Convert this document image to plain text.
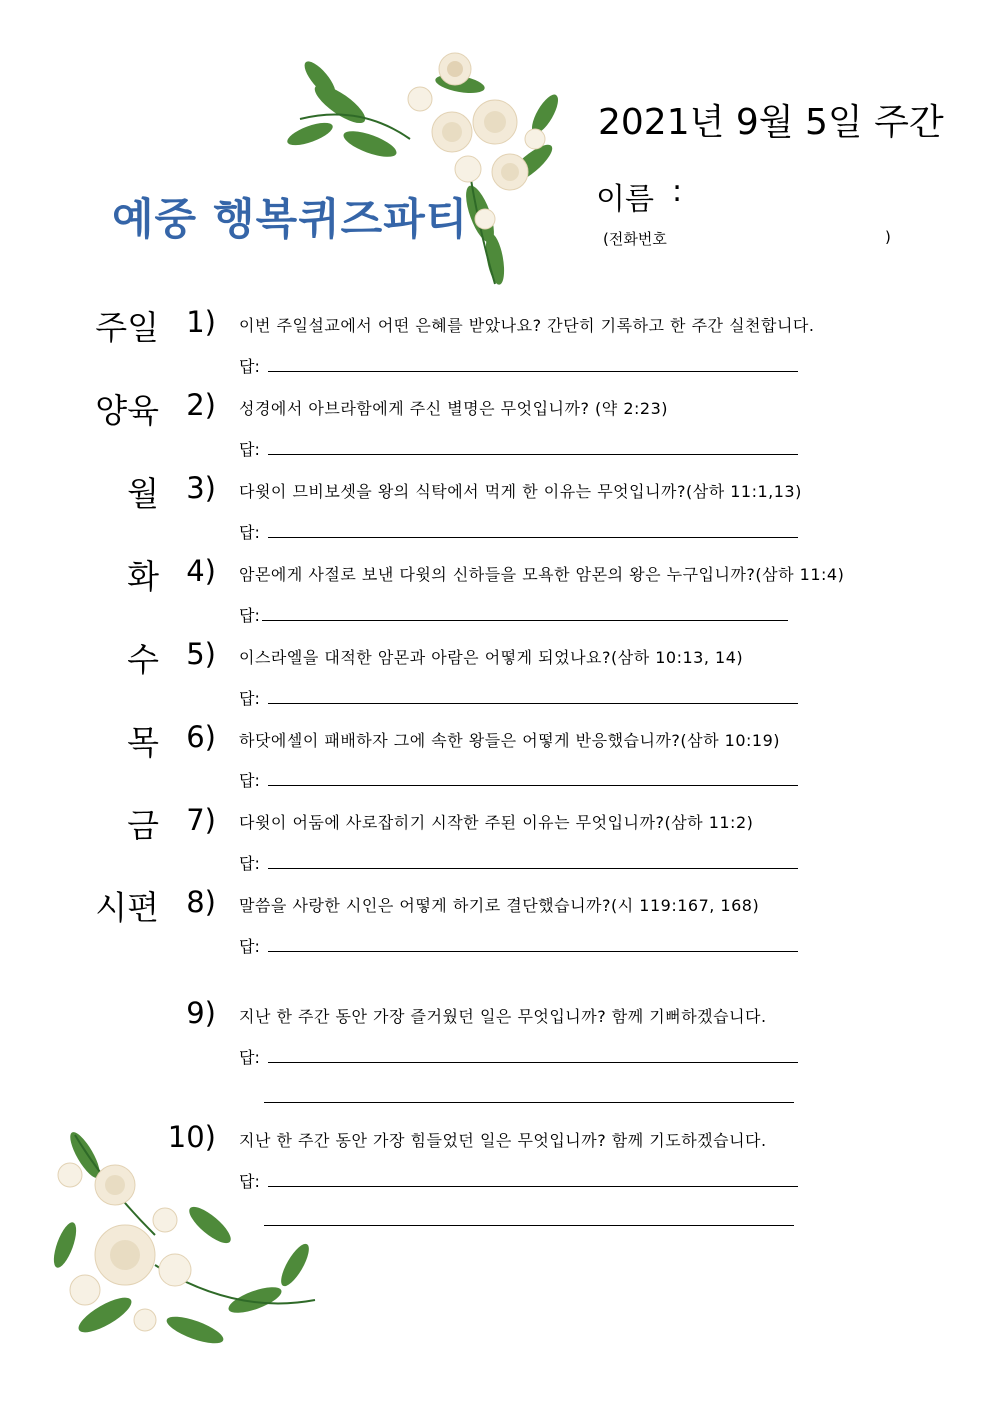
예중 행복퀴즈파티
2021년 9월 5일 주간
이름 :
(전화번호	)
주일 1) 이번 주일설교에서 어떤 은혜를 받았나요? 간단히 기록하고 한 주간 실천합니다.
답:
양육 2) 성경에서 아브라함에게 주신 별명은 무엇입니까? (약 2:23)
답:
월 3) 다윗이 므비보셋을 왕의 식탁에서 먹게 한 이유는 무엇입니까?(삼하 11:1,13)
답:
화 4) 암몬에게 사절로 보낸 다윗의 신하들을 모욕한 암몬의 왕은 누구입니까?(삼하 11:4)
답:
수 5) 이스라엘을 대적한 암몬과 아람은 어떻게 되었나요?(삼하 10:13, 14)
답:
목 6) 하닷에셀이 패배하자 그에 속한 왕들은 어떻게 반응했습니까?(삼하 10:19)
답:
금 7) 다윗이 어둠에 사로잡히기 시작한 주된 이유는 무엇입니까?(삼하 11:2)
답:
시편 8) 말씀을 사랑한 시인은 어떻게 하기로 결단했습니까?(시 119:167, 168)
답:
9) 지난 한 주간 동안 가장 즐거웠던 일은 무엇입니까? 함께 기뻐하겠습니다.
답:
10) 지난 한 주간 동안 가장 힘들었던 일은 무엇입니까? 함께 기도하겠습니다.
답:
